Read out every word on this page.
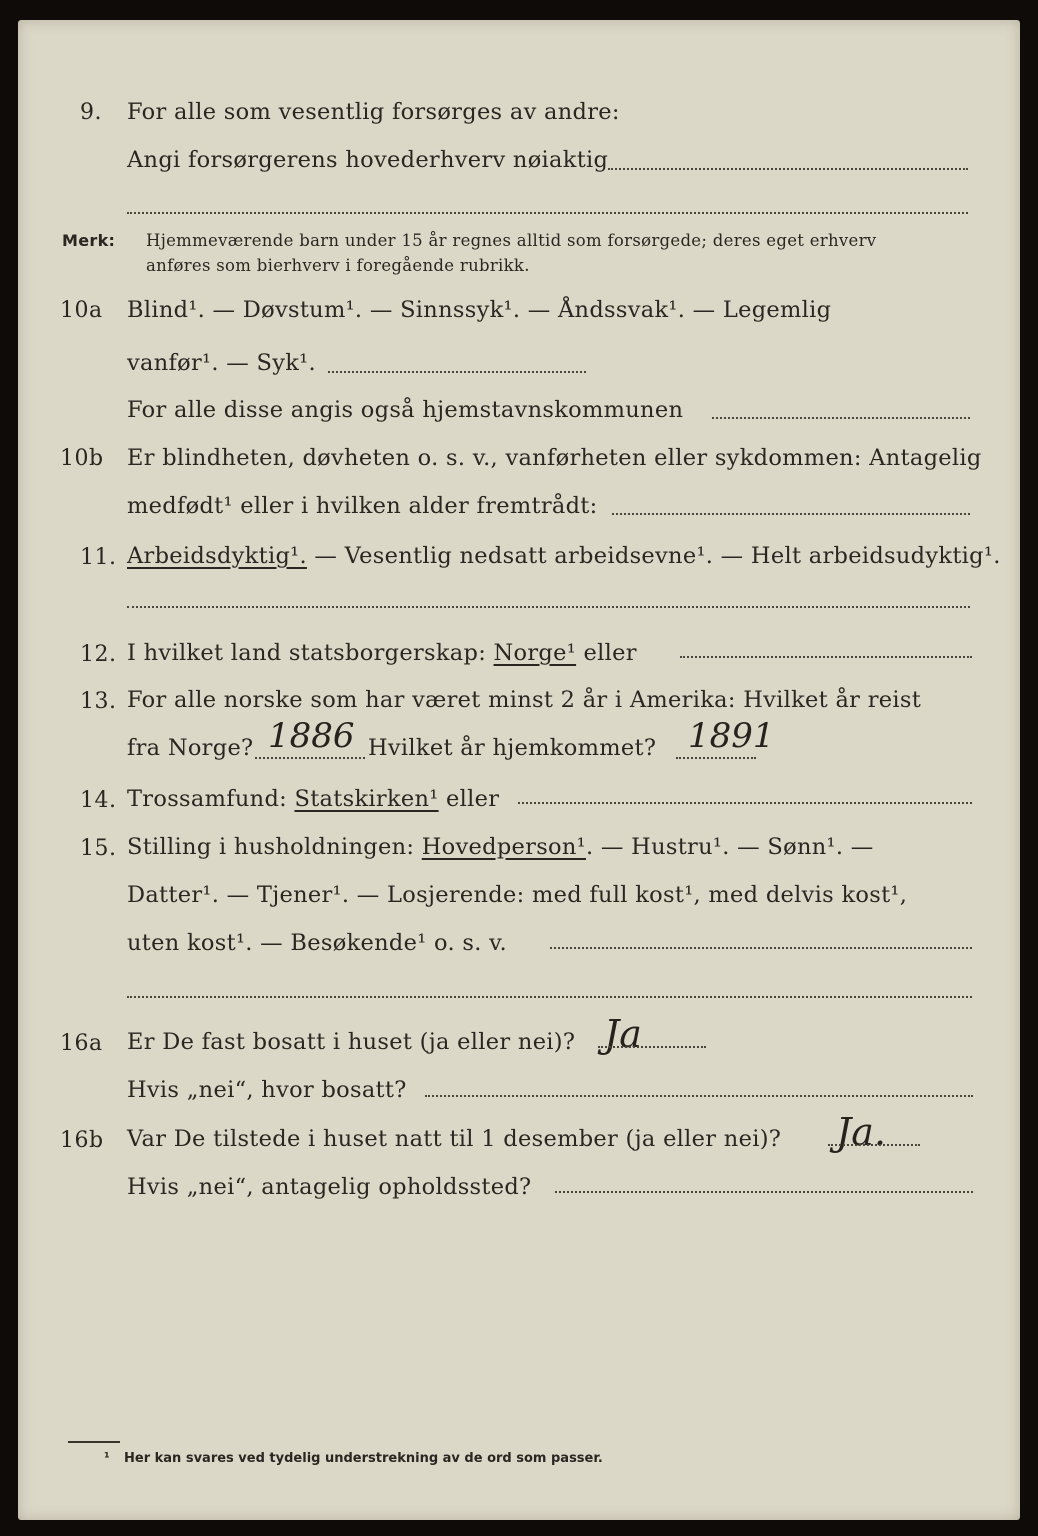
9. For alle som vesentlig forsørges av andre:
Angi forsørgerens hovederhverv nøiaktig
Merk: Hjemmeværende barn under 15 år regnes alltid som forsørgede; deres eget erhverv
anføres som bierhverv i foregående rubrikk.
10a Blind¹. — Døvstum¹. — Sinnssyk¹. — Åndssvak¹. — Legemlig
vanfør¹. — Syk¹.
For alle disse angis også hjemstavnskommunen
10b Er blindheten, døvheten o. s. v., vanførheten eller sykdommen: Antagelig
medfødt¹ eller i hvilken alder fremtrådt:
11. Arbeidsdyktig¹. — Vesentlig nedsatt arbeidsevne¹. — Helt arbeidsudyktig¹.
12. I hvilket land statsborgerskap: Norge¹ eller
13. For alle norske som har været minst 2 år i Amerika: Hvilket år reist
fra Norge? 1886 Hvilket år hjemkommet? 1891
14. Trossamfund: Statskirken¹ eller
15. Stilling i husholdningen: Hovedperson¹. — Hustru¹. — Sønn¹. —
Datter¹. — Tjener¹. — Losjerende: med full kost¹, med delvis kost¹,
uten kost¹. — Besøkende¹ o. s. v.
16a Er De fast bosatt i huset (ja eller nei)? Ja
Hvis „nei“, hvor bosatt?
16b Var De tilstede i huset natt til 1 desember (ja eller nei)? Ja.
Hvis „nei“, antagelig opholdssted?
¹ Her kan svares ved tydelig understrekning av de ord som passer.
